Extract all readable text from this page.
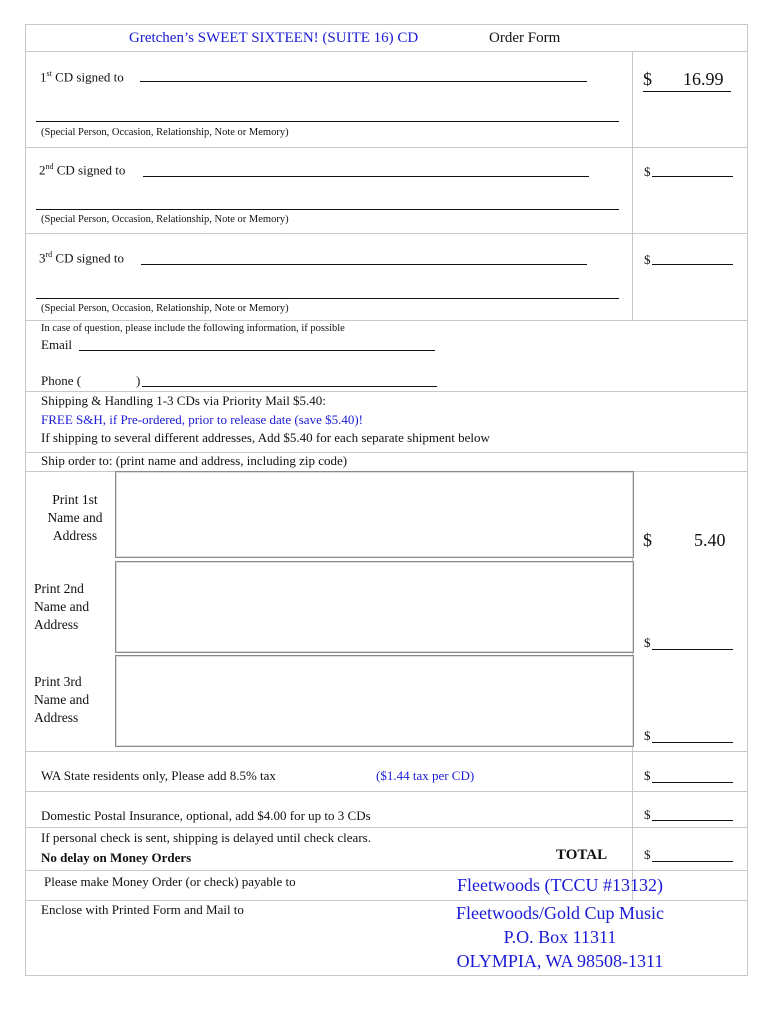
Gretchen’s SWEET SIXTEEN! (SUITE 16) CD	Order Form
1st CD signed to	$ 16.99
(Special Person, Occasion, Relationship, Note or Memory)
2nd CD signed to	$
(Special Person, Occasion, Relationship, Note or Memory)
3rd CD signed to	$
(Special Person, Occasion, Relationship, Note or Memory)
In case of question, please include the following information, if possible
Email
Phone (	)
Shipping & Handling 1-3 CDs via Priority Mail $5.40:
FREE S&H, if Pre-ordered, prior to release date (save $5.40)!
If shipping to several different addresses, Add $5.40 for each separate shipment below
Ship order to: (print name and address, including zip code)
Print 1st Name and Address	$ 5.40
Print 2nd Name and Address
$
Print 3rd Name and Address
$
WA State residents only, Please add 8.5% tax	($1.44 tax per CD)	$
Domestic Postal Insurance, optional, add $4.00 for up to 3 CDs	$
If personal check is sent, shipping is delayed until check clears.
No delay on Money Orders	TOTAL	$
Please make Money Order (or check) payable to	Fleetwoods (TCCU #13132)
Enclose with Printed Form and Mail to	Fleetwoods/Gold Cup Music
P.O. Box 11311
OLYMPIA, WA 98508-1311
